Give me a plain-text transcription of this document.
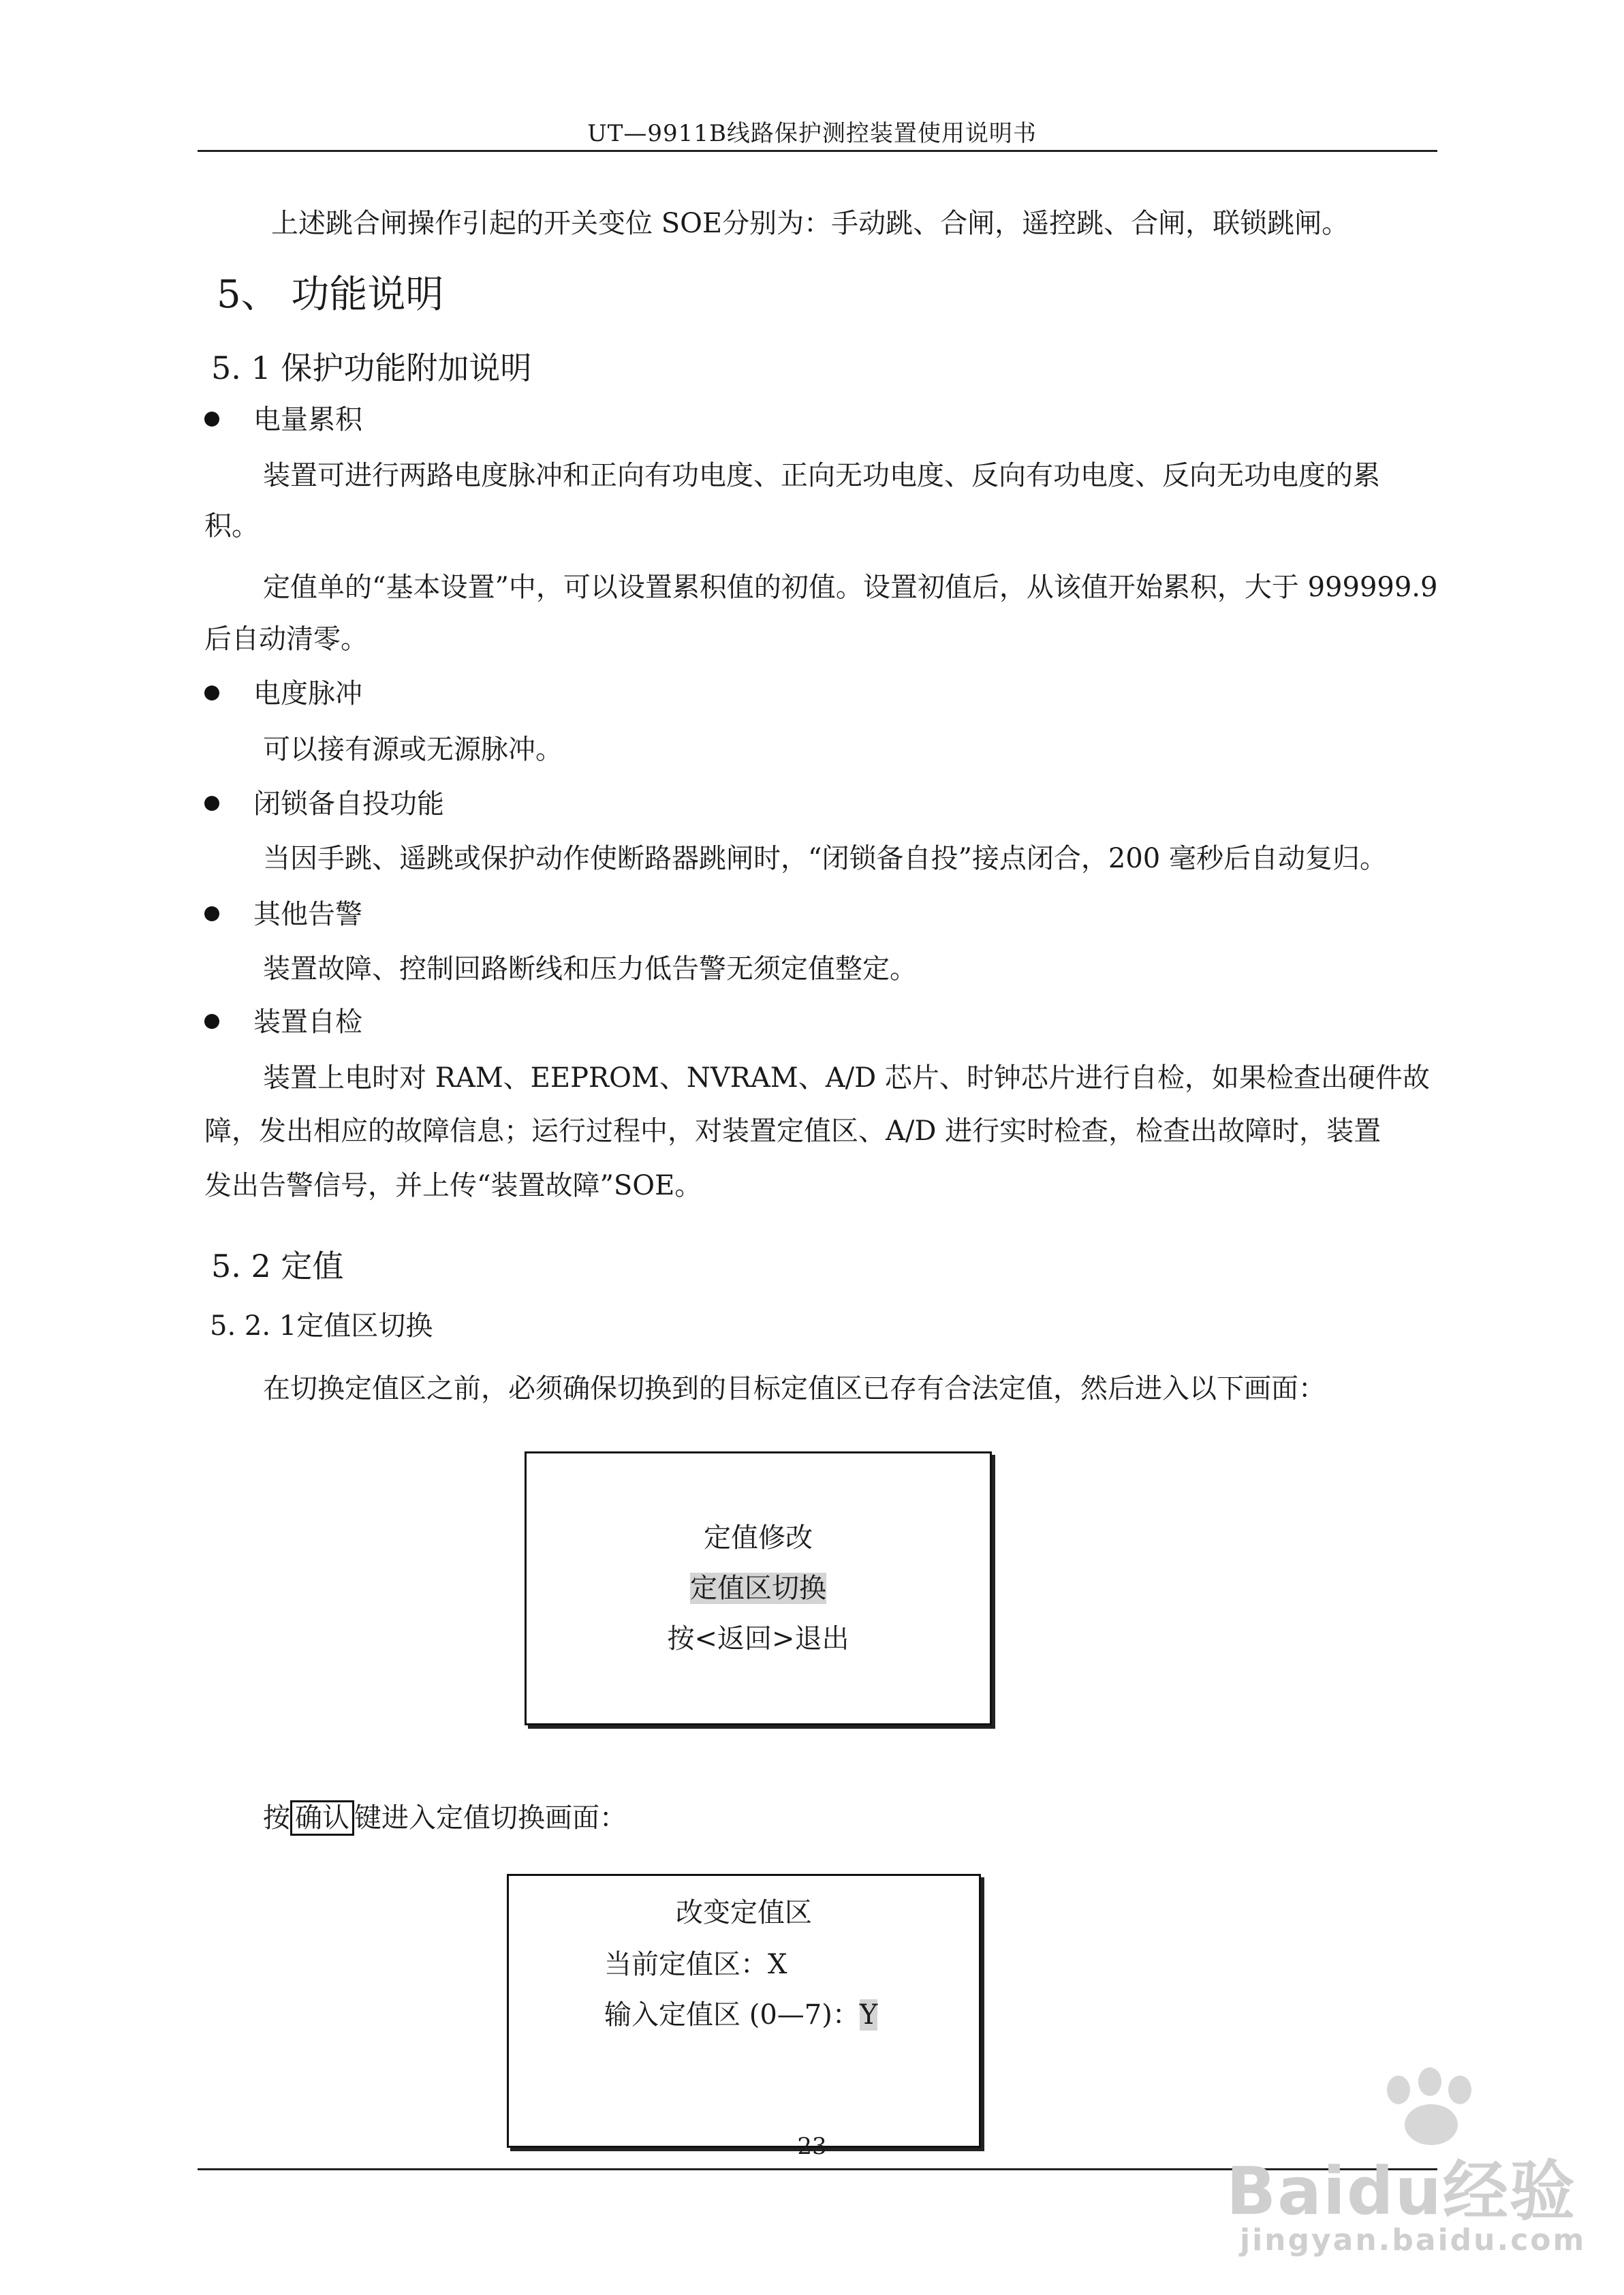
UT—9911B线路保护测控装置使用说明书
上述跳合闸操作引起的开关变位 SOE分别为：手动跳、合闸，遥控跳、合闸，联锁跳闸。
5、 功能说明
5. 1 保护功能附加说明
电量累积
装置可进行两路电度脉冲和正向有功电度、正向无功电度、反向有功电度、反向无功电度的累
积。
定值单的“基本设置”中，可以设置累积值的初值。设置初值后，从该值开始累积，大于 999999.9
后自动清零。
电度脉冲
可以接有源或无源脉冲。
闭锁备自投功能
当因手跳、遥跳或保护动作使断路器跳闸时，“闭锁备自投”接点闭合，200 毫秒后自动复归。
其他告警
装置故障、控制回路断线和压力低告警无须定值整定。
装置自检
装置上电时对 RAM、EEPROM、NVRAM、A/D 芯片、时钟芯片进行自检，如果检查出硬件故
障，发出相应的故障信息；运行过程中，对装置定值区、A/D 进行实时检查，检查出故障时，装置
发出告警信号，并上传“装置故障”SOE。
5. 2 定值
5. 2. 1定值区切换
在切换定值区之前，必须确保切换到的目标定值区已存有合法定值，然后进入以下画面：
定值修改
定值区切换
按<返回>退出
按 确认 键进入定值切换画面：
改变定值区
当前定值区：X
输入定值区 (0—7)：Y
23
Baidu经验
jingyan.baidu.com
